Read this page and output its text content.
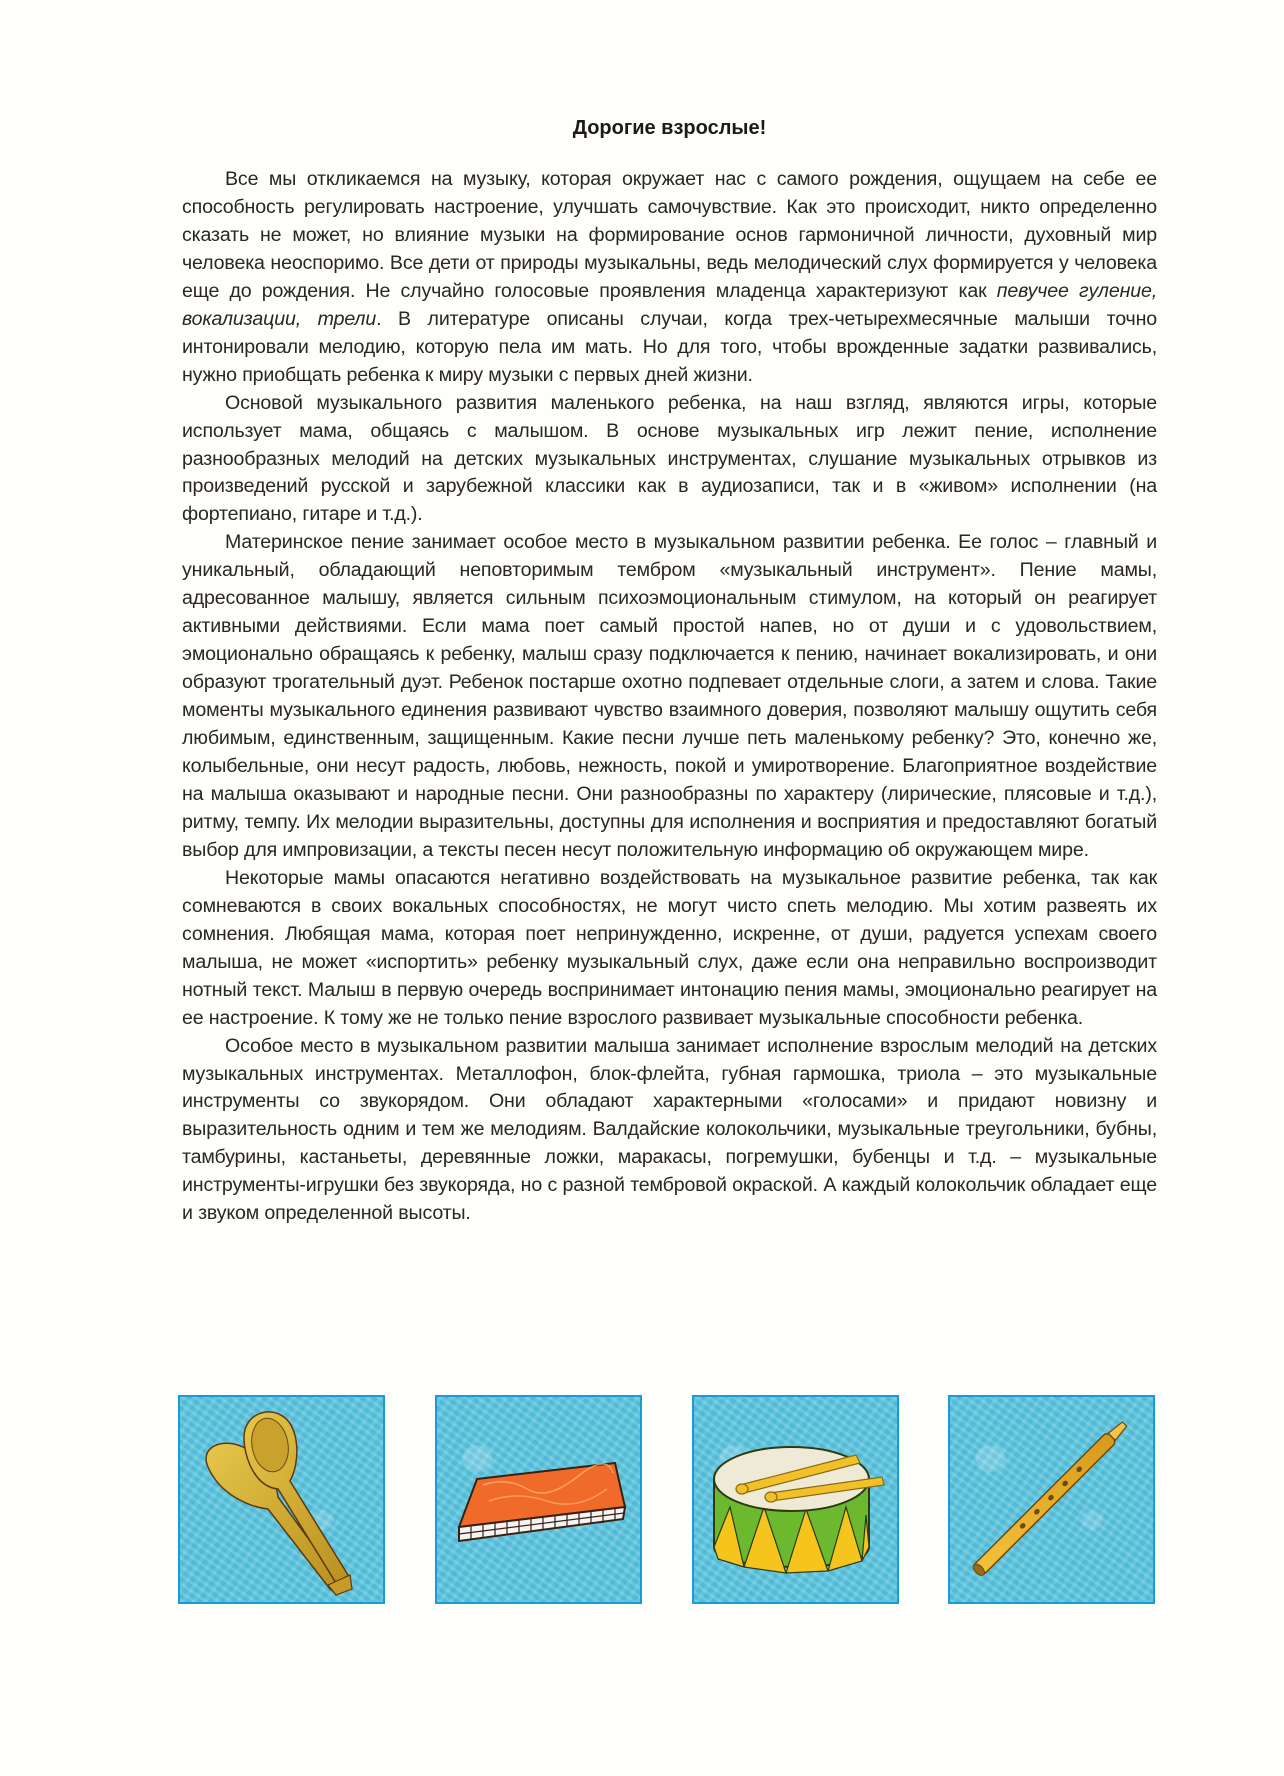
Дорогие взрослые!

Все мы откликаемся на музыку, которая окружает нас с самого рождения, ощущаем на себе ее способность регулировать настроение, улучшать самочувствие. Как это происходит, никто определенно сказать не может, но влияние музыки на формирование основ гармоничной личности, духовный мир человека неоспоримо. Все дети от природы музыкальны, ведь мелодический слух формируется у человека еще до рождения. Не случайно голосовые проявления младенца характеризуют как певучее гуление, вокализации, трели. В литературе описаны случаи, когда трех-четырехмесячные малыши точно интонировали мелодию, которую пела им мать. Но для того, чтобы врожденные задатки развивались, нужно приобщать ребенка к миру музыки с первых дней жизни.

Основой музыкального развития маленького ребенка, на наш взгляд, являются игры, которые использует мама, общаясь с малышом. В основе музыкальных игр лежит пение, исполнение разнообразных мелодий на детских музыкальных инструментах, слушание музыкальных отрывков из произведений русской и зарубежной классики как в аудиозаписи, так и в «живом» исполнении (на фортепиано, гитаре и т.д.).

Материнское пение занимает особое место в музыкальном развитии ребенка. Ее голос – главный и уникальный, обладающий неповторимым тембром «музыкальный инструмент». Пение мамы, адресованное малышу, является сильным психоэмоциональным стимулом, на который он реагирует активными действиями. Если мама поет самый простой напев, но от души и с удовольствием, эмоционально обращаясь к ребенку, малыш сразу подключается к пению, начинает вокализировать, и они образуют трогательный дуэт. Ребенок постарше охотно подпевает отдельные слоги, а затем и слова. Такие моменты музыкального единения развивают чувство взаимного доверия, позволяют малышу ощутить себя любимым, единственным, защищенным. Какие песни лучше петь маленькому ребенку? Это, конечно же, колыбельные, они несут радость, любовь, нежность, покой и умиротворение. Благоприятное воздействие на малыша оказывают и народные песни. Они разнообразны по характеру (лирические, плясовые и т.д.), ритму, темпу. Их мелодии выразительны, доступны для исполнения и восприятия и предоставляют богатый выбор для импровизации, а тексты песен несут положительную информацию об окружающем мире.

Некоторые мамы опасаются негативно воздействовать на музыкальное развитие ребенка, так как сомневаются в своих вокальных способностях, не могут чисто спеть мелодию. Мы хотим развеять их сомнения. Любящая мама, которая поет непринужденно, искренне, от души, радуется успехам своего малыша, не может «испортить» ребенку музыкальный слух, даже если она неправильно воспроизводит нотный текст. Малыш в первую очередь воспринимает интонацию пения мамы, эмоционально реагирует на ее настроение. К тому же не только пение взрослого развивает музыкальные способности ребенка.

Особое место в музыкальном развитии малыша занимает исполнение взрослым мелодий на детских музыкальных инструментах. Металлофон, блок-флейта, губная гармошка, триола – это музыкальные инструменты со звукорядом. Они обладают характерными «голосами» и придают новизну и выразительность одним и тем же мелодиям. Валдайские колокольчики, музыкальные треугольники, бубны, тамбурины, кастаньеты, деревянные ложки, маракасы, погремушки, бубенцы и т.д. – музыкальные инструменты-игрушки без звукоряда, но с разной тембровой окраской. А каждый колокольчик обладает еще и звуком определенной высоты.
